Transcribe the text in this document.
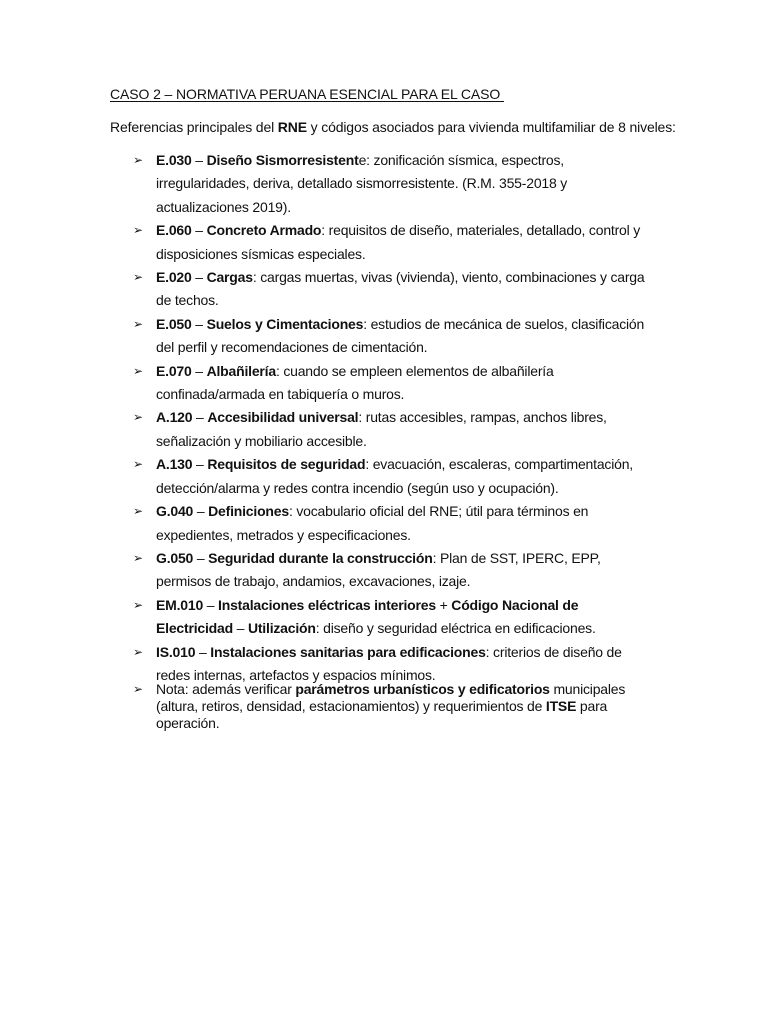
CASO 2 – NORMATIVA PERUANA ESENCIAL PARA EL CASO
Referencias principales del RNE y códigos asociados para vivienda multifamiliar de 8 niveles:
➢ E.030 – Diseño Sismorresistente: zonificación sísmica, espectros, irregularidades, deriva, detallado sismorresistente. (R.M. 355-2018 y actualizaciones 2019).
➢ E.060 – Concreto Armado: requisitos de diseño, materiales, detallado, control y disposiciones sísmicas especiales.
➢ E.020 – Cargas: cargas muertas, vivas (vivienda), viento, combinaciones y carga de techos.
➢ E.050 – Suelos y Cimentaciones: estudios de mecánica de suelos, clasificación del perfil y recomendaciones de cimentación.
➢ E.070 – Albañilería: cuando se empleen elementos de albañilería confinada/armada en tabiquería o muros.
➢ A.120 – Accesibilidad universal: rutas accesibles, rampas, anchos libres, señalización y mobiliario accesible.
➢ A.130 – Requisitos de seguridad: evacuación, escaleras, compartimentación, detección/alarma y redes contra incendio (según uso y ocupación).
➢ G.040 – Definiciones: vocabulario oficial del RNE; útil para términos en expedientes, metrados y especificaciones.
➢ G.050 – Seguridad durante la construcción: Plan de SST, IPERC, EPP, permisos de trabajo, andamios, excavaciones, izaje.
➢ EM.010 – Instalaciones eléctricas interiores + Código Nacional de Electricidad – Utilización: diseño y seguridad eléctrica en edificaciones.
➢ IS.010 – Instalaciones sanitarias para edificaciones: criterios de diseño de redes internas, artefactos y espacios mínimos.
➢ Nota: además verificar parámetros urbanísticos y edificatorios municipales (altura, retiros, densidad, estacionamientos) y requerimientos de ITSE para operación.
